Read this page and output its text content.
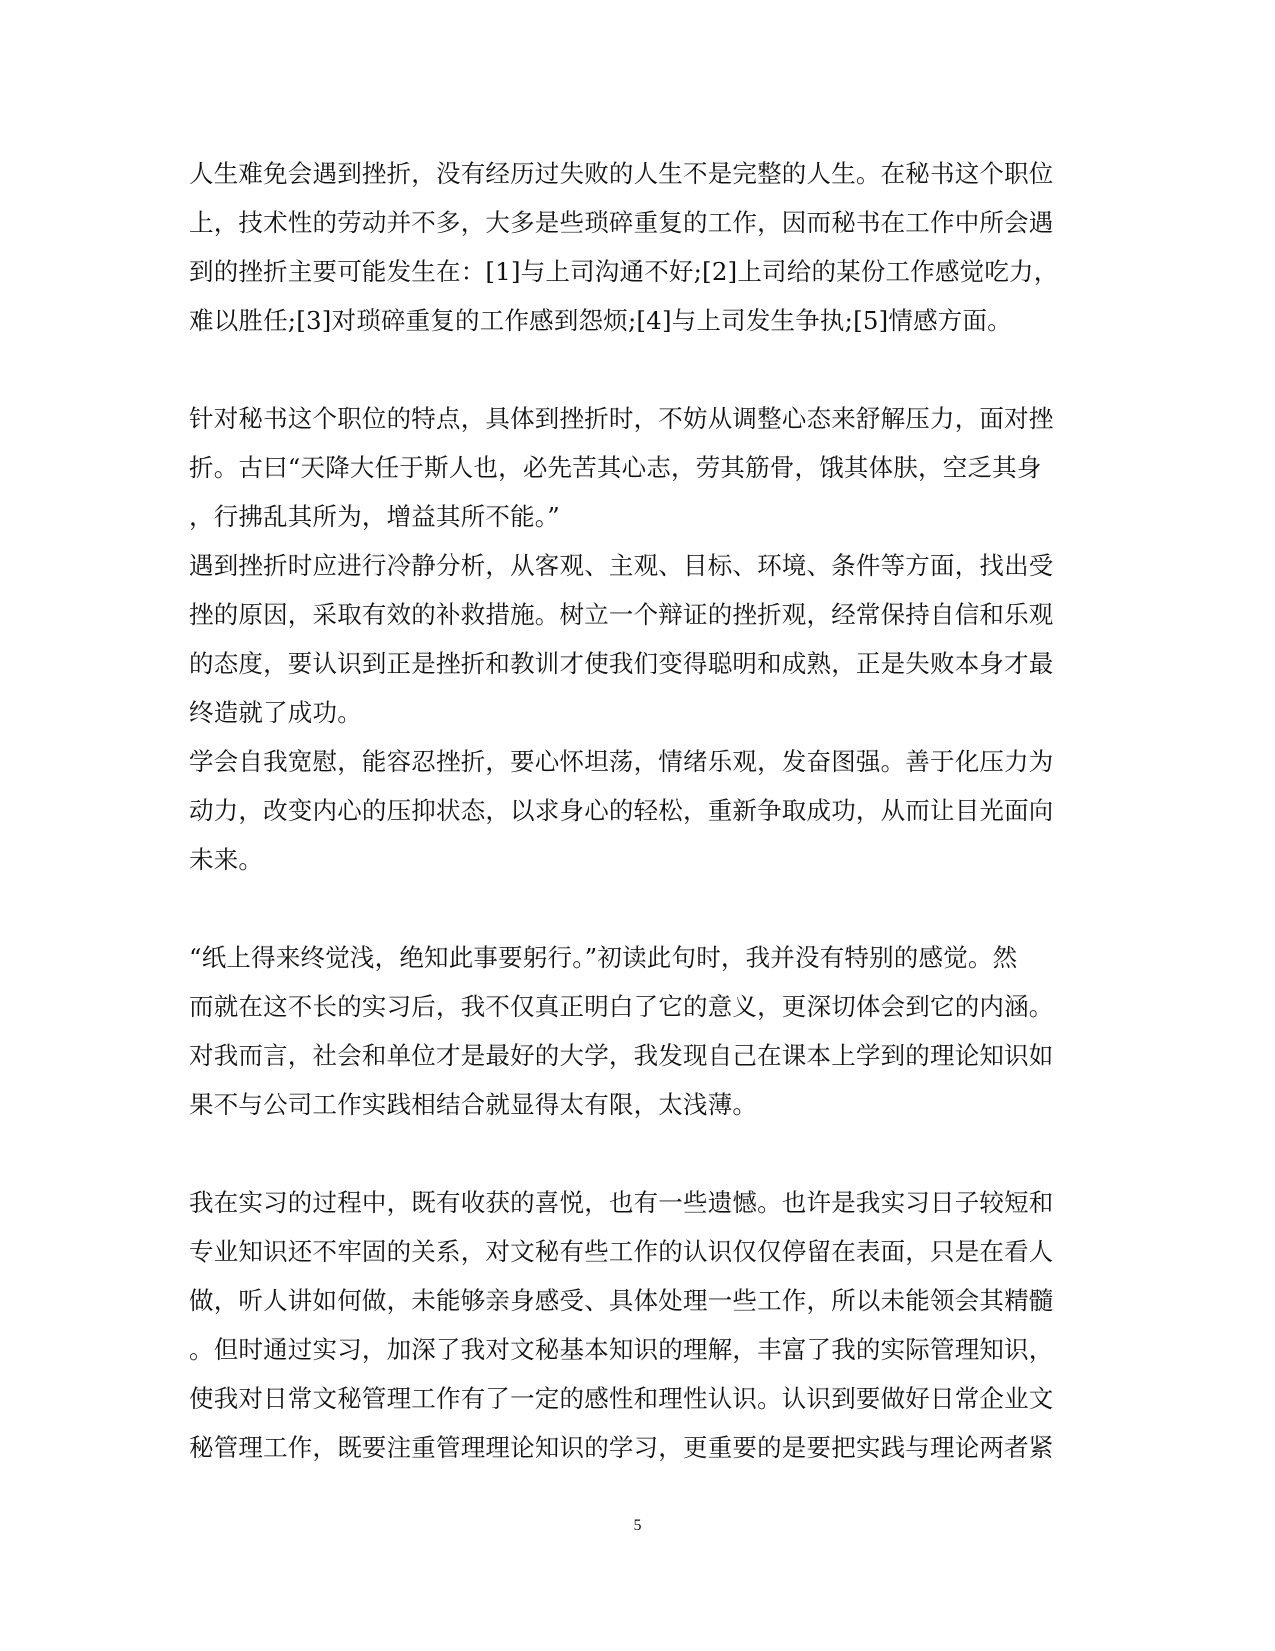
人生难免会遇到挫折，没有经历过失败的人生不是完整的人生。在秘书这个职位
上，技术性的劳动并不多，大多是些琐碎重复的工作，因而秘书在工作中所会遇
到的挫折主要可能发生在：[1]与上司沟通不好;[2]上司给的某份工作感觉吃力，
难以胜任;[3]对琐碎重复的工作感到怨烦;[4]与上司发生争执;[5]情感方面。
针对秘书这个职位的特点，具体到挫折时，不妨从调整心态来舒解压力，面对挫
折。古曰“天降大任于斯人也，必先苦其心志，劳其筋骨，饿其体肤，空乏其身
，行拂乱其所为，增益其所不能。”
遇到挫折时应进行冷静分析，从客观、主观、目标、环境、条件等方面，找出受
挫的原因，采取有效的补救措施。树立一个辩证的挫折观，经常保持自信和乐观
的态度，要认识到正是挫折和教训才使我们变得聪明和成熟，正是失败本身才最
终造就了成功。
学会自我宽慰，能容忍挫折，要心怀坦荡，情绪乐观，发奋图强。善于化压力为
动力，改变内心的压抑状态，以求身心的轻松，重新争取成功，从而让目光面向
未来。
“纸上得来终觉浅，绝知此事要躬行。”初读此句时，我并没有特别的感觉。然
而就在这不长的实习后，我不仅真正明白了它的意义，更深切体会到它的内涵。
对我而言，社会和单位才是最好的大学，我发现自己在课本上学到的理论知识如
果不与公司工作实践相结合就显得太有限，太浅薄。
我在实习的过程中，既有收获的喜悦，也有一些遗憾。也许是我实习日子较短和
专业知识还不牢固的关系，对文秘有些工作的认识仅仅停留在表面，只是在看人
做，听人讲如何做，未能够亲身感受、具体处理一些工作，所以未能领会其精髓
。但时通过实习，加深了我对文秘基本知识的理解，丰富了我的实际管理知识，
使我对日常文秘管理工作有了一定的感性和理性认识。认识到要做好日常企业文
秘管理工作，既要注重管理理论知识的学习，更重要的是要把实践与理论两者紧
5
